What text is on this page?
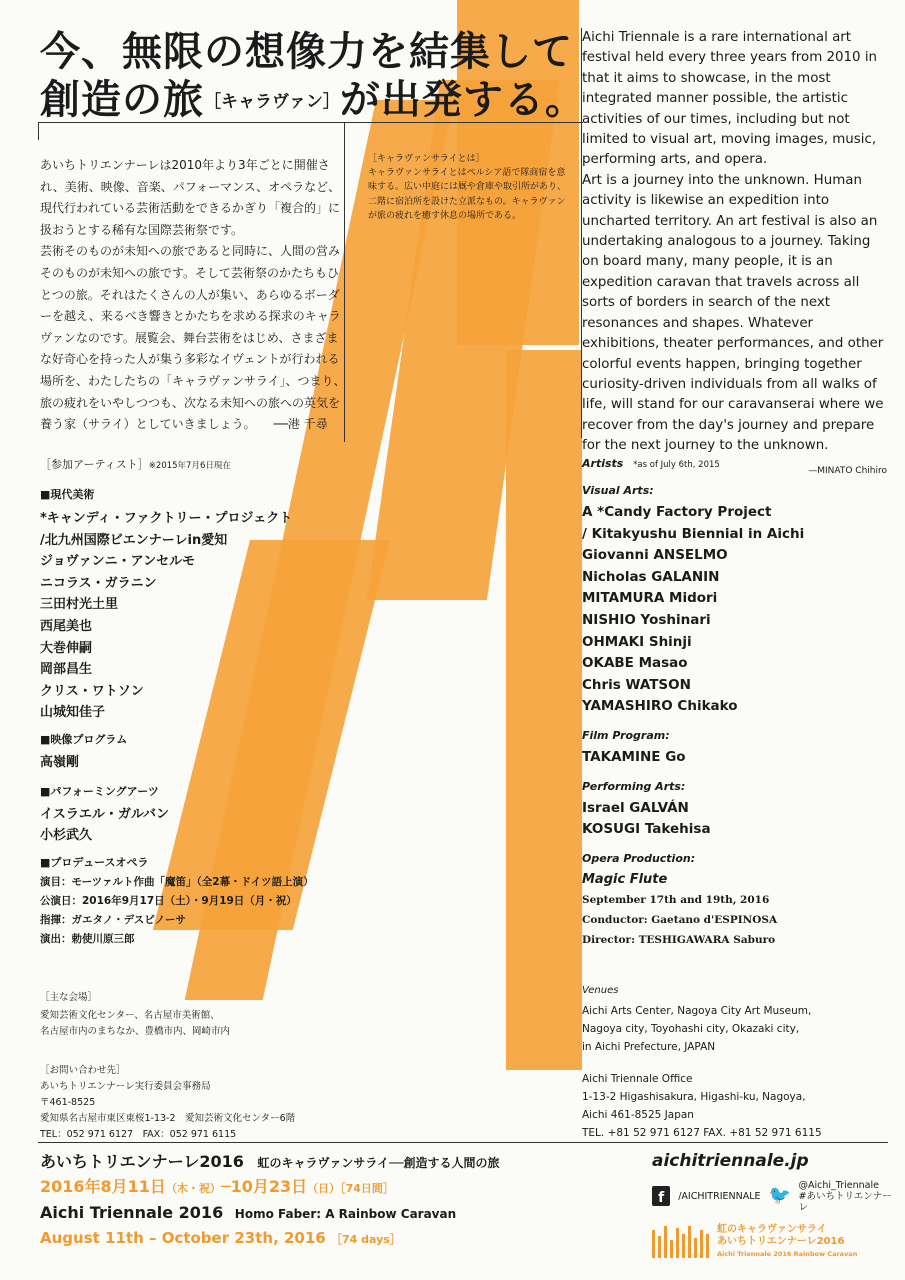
今、無限の想像力を結集して
創造の旅［キャラヴァン］が出発する。

あいちトリエンナーレは2010年より3年ごとに開催され、美術、映像、音楽、パフォーマンス、オペラなど、現代行われている芸術活動をできるかぎり「複合的」に扱おうとする稀有な国際芸術祭です。

芸術そのものが未知への旅であると同時に、人間の営みそのものが未知への旅です。そして芸術祭のかたちもひとつの旅。それはたくさんの人が集い、あらゆるボーダーを越え、来るべき響きとかたちを求める探求のキャラヴァンなのです。展覧会、舞台芸術をはじめ、さまざまな好奇心を持った人が集う多彩なイヴェントが行われる場所を、わたしたちの「キャラヴァンサライ」、つまり、旅の疲れをいやしつつも、次なる未知への旅への英気を養う家（サライ）としていきましょう。 ──港 千尋
［キャラヴァンサライとは］
キャラヴァンサライとはペルシア語で隊商宿を意味する。広い中庭には厩や倉庫や取引所があり、二階に宿泊所を設けた立派なもの。キャラヴァンが旅の疲れを癒す休息の場所である。

Aichi Triennale is a rare international art festival held every three years from 2010 in that it aims to showcase, in the most integrated manner possible, the artistic activities of our times, including but not limited to visual art, moving images, music, performing arts, and opera.

Art is a journey into the unknown. Human activity is likewise an expedition into uncharted territory. An art festival is also an undertaking analogous to a journey. Taking on board many, many people, it is an expedition caravan that travels across all sorts of borders in search of the next resonances and shapes. Whatever exhibitions, theater performances, and other colorful events happen, bringing together curiosity-driven individuals from all walks of life, will stand for our caravanserai where we recover from the day's journey and prepare for the next journey to the unknown.

—MINATO Chihiro
［参加アーティスト］※2015年7月6日現在
■現代美術
*キャンディ・ファクトリー・プロジェクト
/北九州国際ビエンナーレin愛知
ジョヴァンニ・アンセルモ
ニコラス・ガラニン
三田村光土里
西尾美也
大巻伸嗣
岡部昌生
クリス・ワトソン
山城知佳子
■映像プログラム
高嶺剛
■パフォーミングアーツ
イスラエル・ガルバン
小杉武久
■プロデュースオペラ
演目：モーツァルト作曲「魔笛」（全2幕・ドイツ語上演）
公演日：2016年9月17日（土）・9月19日（月・祝）
指揮：ガエタノ・デスピノーサ
演出：勅使川原三郎
［主な会場］
愛知芸術文化センター、名古屋市美術館、
名古屋市内のまちなか、豊橋市内、岡崎市内
［お問い合わせ先］
あいちトリエンナーレ実行委員会事務局
〒461-8525
愛知県名古屋市東区東桜1-13-2　愛知芸術文化センター6階
TEL：052 971 6127　FAX：052 971 6115
Artists *as of July 6th, 2015
Visual Arts:
A *Candy Factory Project
/ Kitakyushu Biennial in Aichi
Giovanni ANSELMO
Nicholas GALANIN
MITAMURA Midori
NISHIO Yoshinari
OHMAKI Shinji
OKABE Masao
Chris WATSON
YAMASHIRO Chikako
Film Program:
TAKAMINE Go
Performing Arts:
Israel GALVÁN
KOSUGI Takehisa
Opera Production:
Magic Flute
September 17th and 19th, 2016
Conductor: Gaetano d'ESPINOSA
Director: TESHIGAWARA Saburo
Venues
Aichi Arts Center, Nagoya City Art Museum,
Nagoya city, Toyohashi city, Okazaki city,
in Aichi Prefecture, JAPAN
Aichi Triennale Office
1-13-2 Higashisakura, Higashi-ku, Nagoya,
Aichi 461-8525 Japan
TEL. +81 52 971 6127 FAX. +81 52 971 6115
あいちトリエンナーレ2016 虹のキャラヴァンサライ──創造する人間の旅
2016年8月11日（木・祝）─10月23日（日）［74日間］
Aichi Triennale 2016 Homo Faber: A Rainbow Caravan
August 11th – October 23th, 2016 ［74 days］
aichitriennale.jp
f	/AICHITRIENNALE 🐦 @Aichi_Triennale
#あいちトリエンナーレ
虹のキャラヴァンサライ
あいちトリエンナーレ2016
Aichi Triennale 2016 Rainbow Caravan
